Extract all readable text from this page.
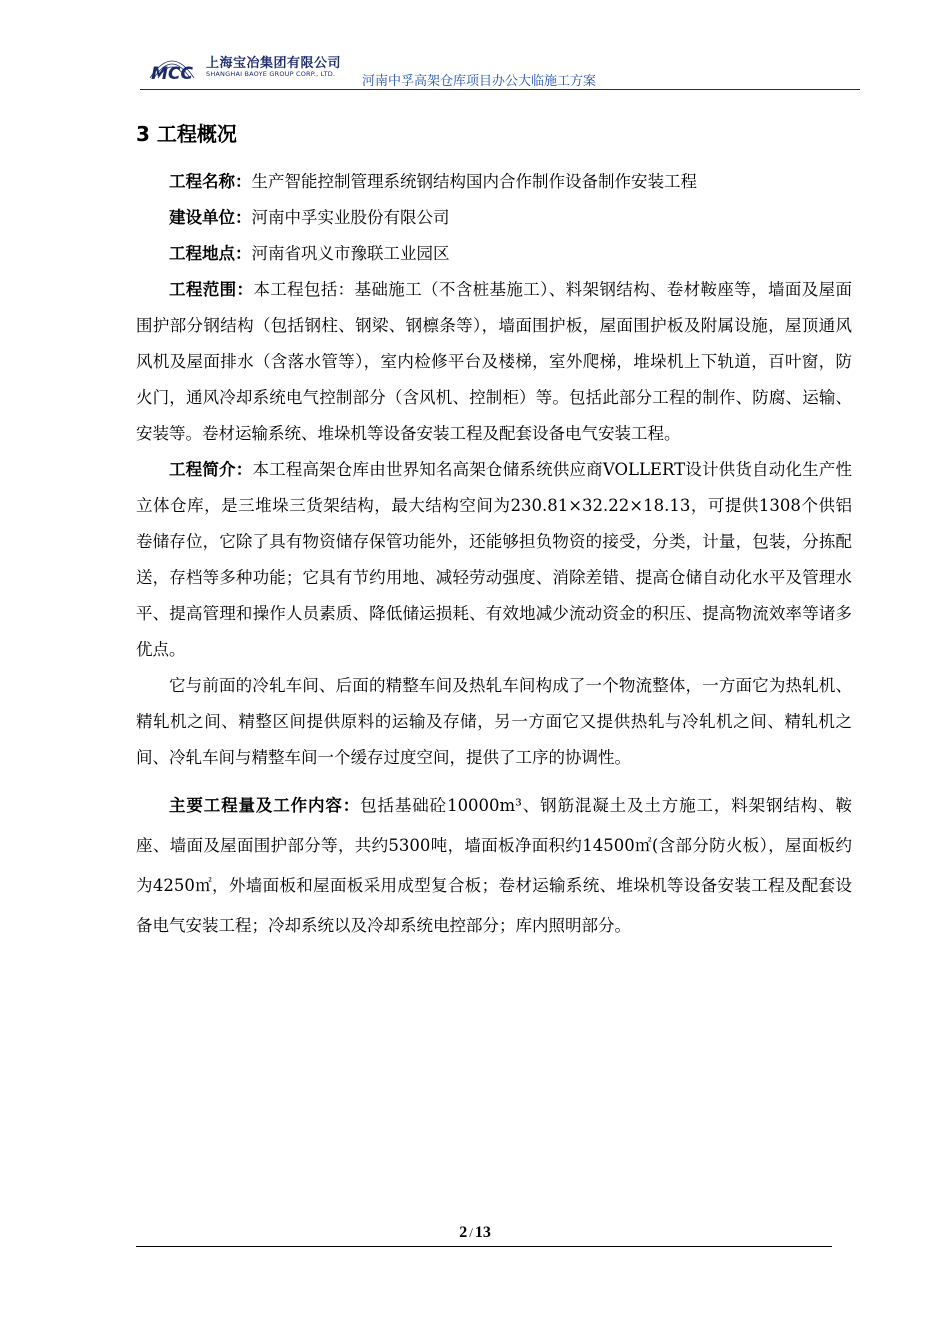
MCC
上海宝冶集团有限公司
SHANGHAI BAOYE GROUP CORP., LTD. 河南中孚高架仓库项目办公大临施工方案
3 工程概况

工程名称：生产智能控制管理系统钢结构国内合作制作设备制作安装工程

建设单位：河南中孚实业股份有限公司

工程地点：河南省巩义市豫联工业园区

工程范围：本工程包括：基础施工（不含桩基施工）、料架钢结构、卷材鞍座等，墙面及屋面围护部分钢结构（包括钢柱、钢梁、钢檩条等），墙面围护板，屋面围护板及附属设施，屋顶通风风机及屋面排水（含落水管等），室内检修平台及楼梯，室外爬梯，堆垛机上下轨道，百叶窗，防火门，通风冷却系统电气控制部分（含风机、控制柜）等。包括此部分工程的制作、防腐、运输、安装等。卷材运输系统、堆垛机等设备安装工程及配套设备电气安装工程。

工程简介：本工程高架仓库由世界知名高架仓储系统供应商VOLLERT设计供货自动化生产性立体仓库，是三堆垛三货架结构，最大结构空间为230.81×32.22×18.13，可提供1308个供铝卷储存位，它除了具有物资储存保管功能外，还能够担负物资的接受，分类，计量，包装，分拣配送，存档等多种功能；它具有节约用地、减轻劳动强度、消除差错、提高仓储自动化水平及管理水平、提高管理和操作人员素质、降低储运损耗、有效地减少流动资金的积压、提高物流效率等诸多优点。

它与前面的冷轧车间、后面的精整车间及热轧车间构成了一个物流整体，一方面它为热轧机、精轧机之间、精整区间提供原料的运输及存储，另一方面它又提供热轧与冷轧机之间、精轧机之间、冷轧车间与精整车间一个缓存过度空间，提供了工序的协调性。

主要工程量及工作内容：包括基础砼10000m³、钢筋混凝土及土方施工，料架钢结构、鞍座、墙面及屋面围护部分等，共约5300吨，墙面板净面积约14500㎡(含部分防火板），屋面板约为4250㎡，外墙面板和屋面板采用成型复合板；卷材运输系统、堆垛机等设备安装工程及配套设备电气安装工程；冷却系统以及冷却系统电控部分；库内照明部分。

2 / 13
